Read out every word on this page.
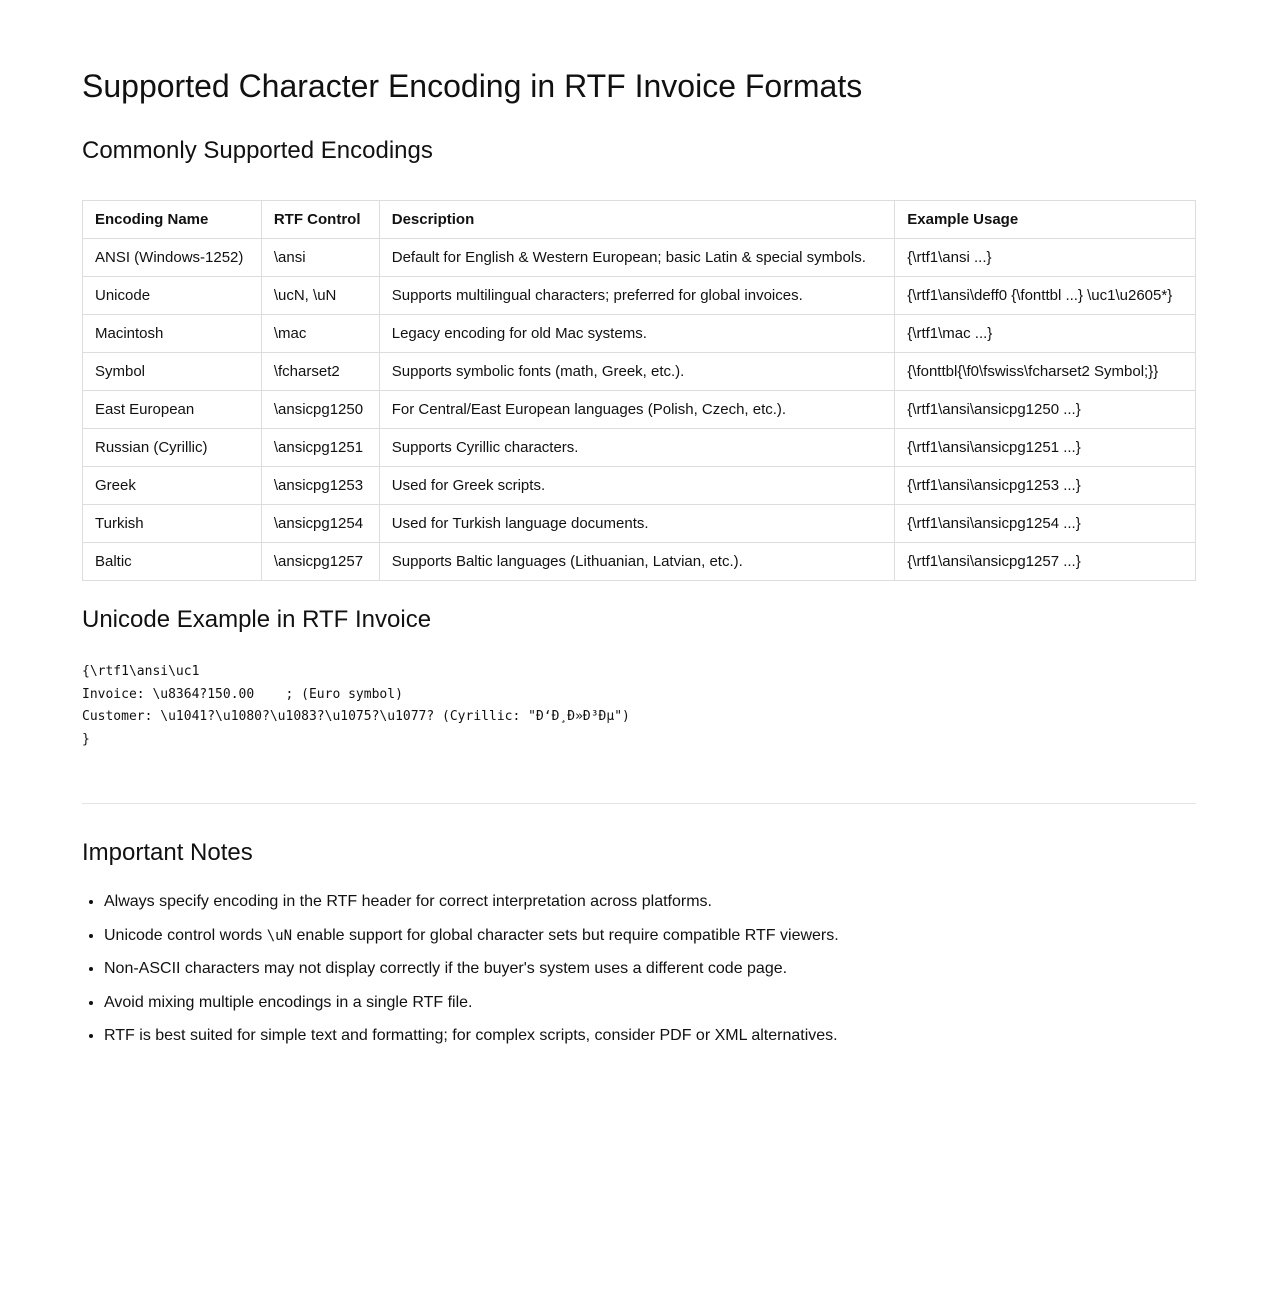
Supported Character Encoding in RTF Invoice Formats
Commonly Supported Encodings
Encoding Name	RTF Control	Description	Example Usage
ANSI (Windows-1252)	\ansi	Default for English & Western European; basic Latin & special symbols.	{\rtf1\ansi ...}
Unicode	\ucN, \uN	Supports multilingual characters; preferred for global invoices.	{\rtf1\ansi\deff0 {\fonttbl ...} \uc1\u2605*}
Macintosh	\mac	Legacy encoding for old Mac systems.	{\rtf1\mac ...}
Symbol	\fcharset2	Supports symbolic fonts (math, Greek, etc.).	{\fonttbl{\f0\fswiss\fcharset2 Symbol;}}
East European	\ansicpg1250	For Central/East European languages (Polish, Czech, etc.).	{\rtf1\ansi\ansicpg1250 ...}
Russian (Cyrillic)	\ansicpg1251	Supports Cyrillic characters.	{\rtf1\ansi\ansicpg1251 ...}
Greek	\ansicpg1253	Used for Greek scripts.	{\rtf1\ansi\ansicpg1253 ...}
Turkish	\ansicpg1254	Used for Turkish language documents.	{\rtf1\ansi\ansicpg1254 ...}
Baltic	\ansicpg1257	Supports Baltic languages (Lithuanian, Latvian, etc.).	{\rtf1\ansi\ansicpg1257 ...}
Unicode Example in RTF Invoice
{\rtf1\ansi\uc1
Invoice: \u8364?150.00    ; (Euro symbol)
Customer: \u1041?\u1080?\u1083?\u1075?\u1077? (Cyrillic: "Ð‘Ð¸Ð»Ð³Ðµ")
}
Important Notes
• Always specify encoding in the RTF header for correct interpretation across platforms.
• Unicode control words \uN enable support for global character sets but require compatible RTF viewers.
• Non-ASCII characters may not display correctly if the buyer's system uses a different code page.
• Avoid mixing multiple encodings in a single RTF file.
• RTF is best suited for simple text and formatting; for complex scripts, consider PDF or XML alternatives.
